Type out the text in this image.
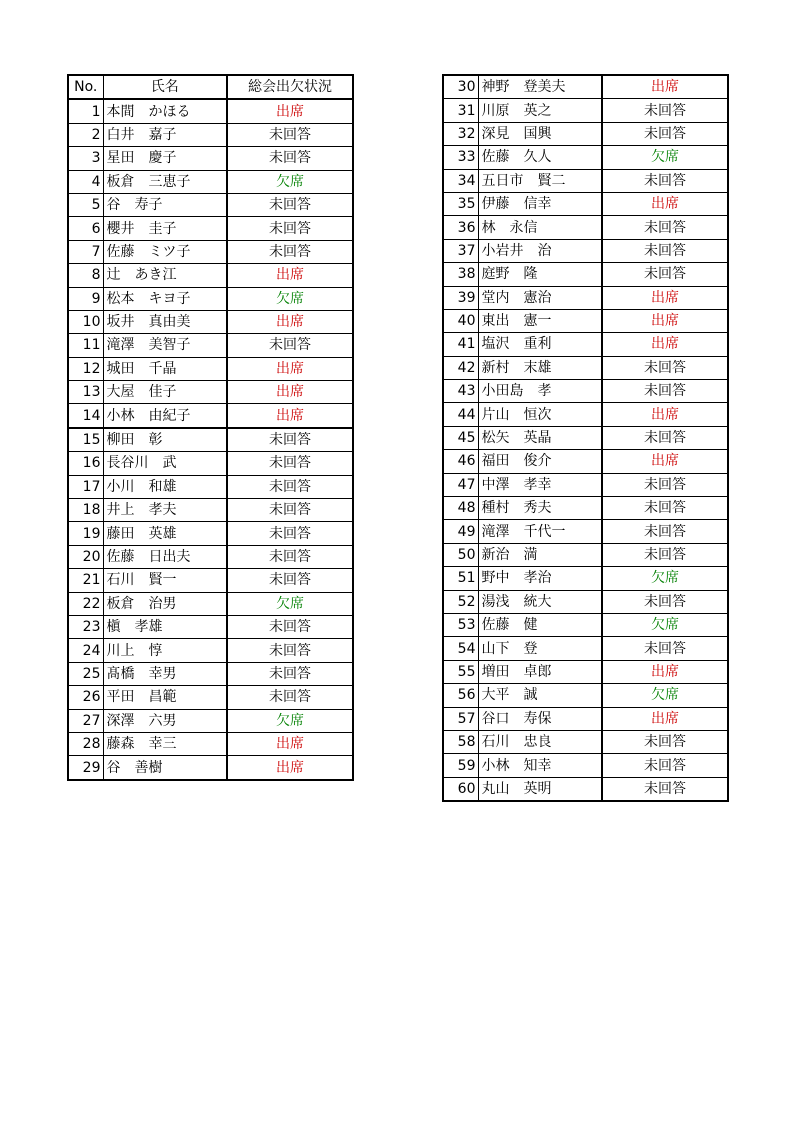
No.	氏名	総会出欠状況
1	本間　かほる	出席
2	白井　嘉子	未回答
3	星田　慶子	未回答
4	板倉　三恵子	欠席
5	谷　寿子	未回答
6	櫻井　圭子	未回答
7	佐藤　ミツ子	未回答
8	辻　あき江	出席
9	松本　キヨ子	欠席
10	坂井　真由美	出席
11	滝澤　美智子	未回答
12	城田　千晶	出席
13	大屋　佳子	出席
14	小林　由紀子	出席
15	柳田　彰	未回答
16	長谷川　武	未回答
17	小川　和雄	未回答
18	井上　孝夫	未回答
19	藤田　英雄	未回答
20	佐藤　日出夫	未回答
21	石川　賢一	未回答
22	板倉　治男	欠席
23	槇　孝雄	未回答
24	川上　惇	未回答
25	髙橋　幸男	未回答
26	平田　昌範	未回答
27	深澤　六男	欠席
28	藤森　幸三	出席
29	谷　善樹	出席
30	神野　登美夫	出席
31	川原　英之	未回答
32	深見　国興	未回答
33	佐藤　久人	欠席
34	五日市　賢二	未回答
35	伊藤　信幸	出席
36	林　永信	未回答
37	小岩井　治	未回答
38	庭野　隆	未回答
39	堂内　憲治	出席
40	東出　憲一	出席
41	塩沢　重利	出席
42	新村　末雄	未回答
43	小田島　孝	未回答
44	片山　恒次	出席
45	松矢　英晶	未回答
46	福田　俊介	出席
47	中澤　孝幸	未回答
48	種村　秀夫	未回答
49	滝澤　千代一	未回答
50	新治　満	未回答
51	野中　孝治	欠席
52	湯浅　統大	未回答
53	佐藤　健	欠席
54	山下　登	未回答
55	増田　卓郎	出席
56	大平　誠	欠席
57	谷口　寿保	出席
58	石川　忠良	未回答
59	小林　知幸	未回答
60	丸山　英明	未回答
